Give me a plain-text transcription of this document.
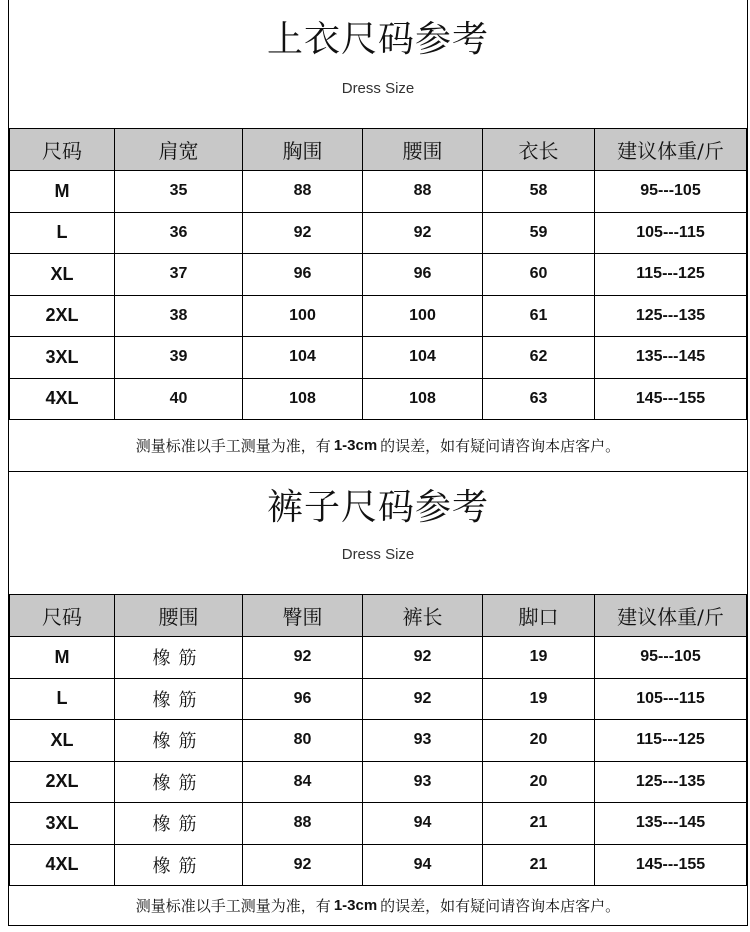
上衣尺码参考
Dress Size
尺码	肩宽	胸围	腰围	衣长	建议体重/斤
M	35	88	88	58	95---105
L	36	92	92	59	105---115
XL	37	96	96	60	115---125
2XL	38	100	100	61	125---135
3XL	39	104	104	62	135---145
4XL	40	108	108	63	145---155
测量标准以手工测量为准，有 1-3cm 的误差，如有疑问请咨询本店客户。
裤子尺码参考
Dress Size
尺码	腰围	臀围	裤长	脚口	建议体重/斤
M	橡筋	92	92	19	95---105
L	橡筋	96	92	19	105---115
XL	橡筋	80	93	20	115---125
2XL	橡筋	84	93	20	125---135
3XL	橡筋	88	94	21	135---145
4XL	橡筋	92	94	21	145---155
测量标准以手工测量为准，有 1-3cm 的误差，如有疑问请咨询本店客户。
